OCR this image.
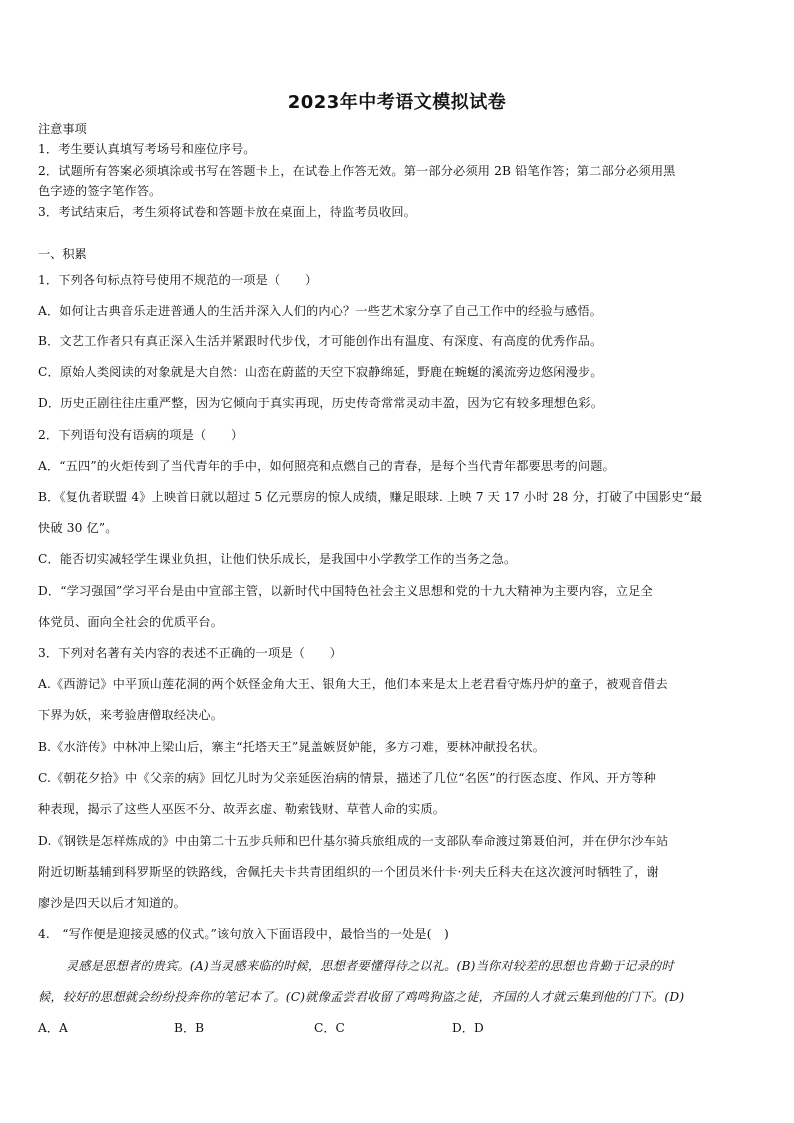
2023年中考语文模拟试卷
注意事项
1．考生要认真填写考场号和座位序号。
2．试题所有答案必须填涂或书写在答题卡上，在试卷上作答无效。第一部分必须用 2B 铅笔作答；第二部分必须用黑
色字迹的签字笔作答。
3．考试结束后，考生须将试卷和答题卡放在桌面上，待监考员收回。
一、积累
1．下列各句标点符号使用不规范的一项是（　　）
A．如何让古典音乐走进普通人的生活并深入人们的内心？一些艺术家分享了自己工作中的经验与感悟。
B．文艺工作者只有真正深入生活并紧跟时代步伐，才可能创作出有温度、有深度、有高度的优秀作品。
C．原始人类阅读的对象就是大自然：山峦在蔚蓝的天空下寂静绵延，野鹿在蜿蜒的溪流旁边悠闲漫步。
D．历史正剧往往庄重严整，因为它倾向于真实再现，历史传奇常常灵动丰盈，因为它有较多理想色彩。
2．下列语句没有语病的项是（　　）
A．“五四”的火炬传到了当代青年的手中，如何照亮和点燃自己的青春，是每个当代青年都要思考的问题。
B．《复仇者联盟 4》上映首日就以超过 5 亿元票房的惊人成绩，赚足眼球. 上映 7 天 17 小时 28 分，打破了中国影史“最
快破 30 亿”。
C．能否切实减轻学生课业负担，让他们快乐成长，是我国中小学教学工作的当务之急。
D．“学习强国”学习平台是由中宣部主管，以新时代中国特色社会主义思想和党的十九大精神为主要内容，立足全
体党员、面向全社会的优质平台。
3．下列对名著有关内容的表述不正确的一项是（　　）
A.《西游记》中平顶山莲花洞的两个妖怪金角大王、银角大王，他们本来是太上老君看守炼丹炉的童子，被观音借去
下界为妖，来考验唐僧取经决心。
B.《水浒传》中林冲上梁山后，寨主“托塔天王”晁盖嫉贤妒能，多方刁难，要林冲献投名状。
C.《朝花夕拾》中《父亲的病》回忆儿时为父亲延医治病的情景，描述了几位“名医”的行医态度、作风、开方等种
种表现，揭示了这些人巫医不分、故弄玄虚、勒索钱财、草菅人命的实质。
D.《钢铁是怎样炼成的》中由第二十五步兵师和巴什基尔骑兵旅组成的一支部队奉命渡过第聂伯河，并在伊尔沙车站
附近切断基辅到科罗斯坚的铁路线，舍佩托夫卡共青团组织的一个团员米什卡·列夫丘科夫在这次渡河时牺牲了，谢
廖沙是四天以后才知道的。
4.　“写作便是迎接灵感的仪式。”该句放入下面语段中，最恰当的一处是(　)
灵感是思想者的贵宾。(A)当灵感来临的时候，思想者要懂得待之以礼。(B)当你对较差的思想也肯勤于记录的时
候，较好的思想就会纷纷投奔你的笔记本了。(C)就像孟尝君收留了鸡鸣狗盗之徒，齐国的人才就云集到他的门下。(D)
A．A	B．B	C．C	D．D
